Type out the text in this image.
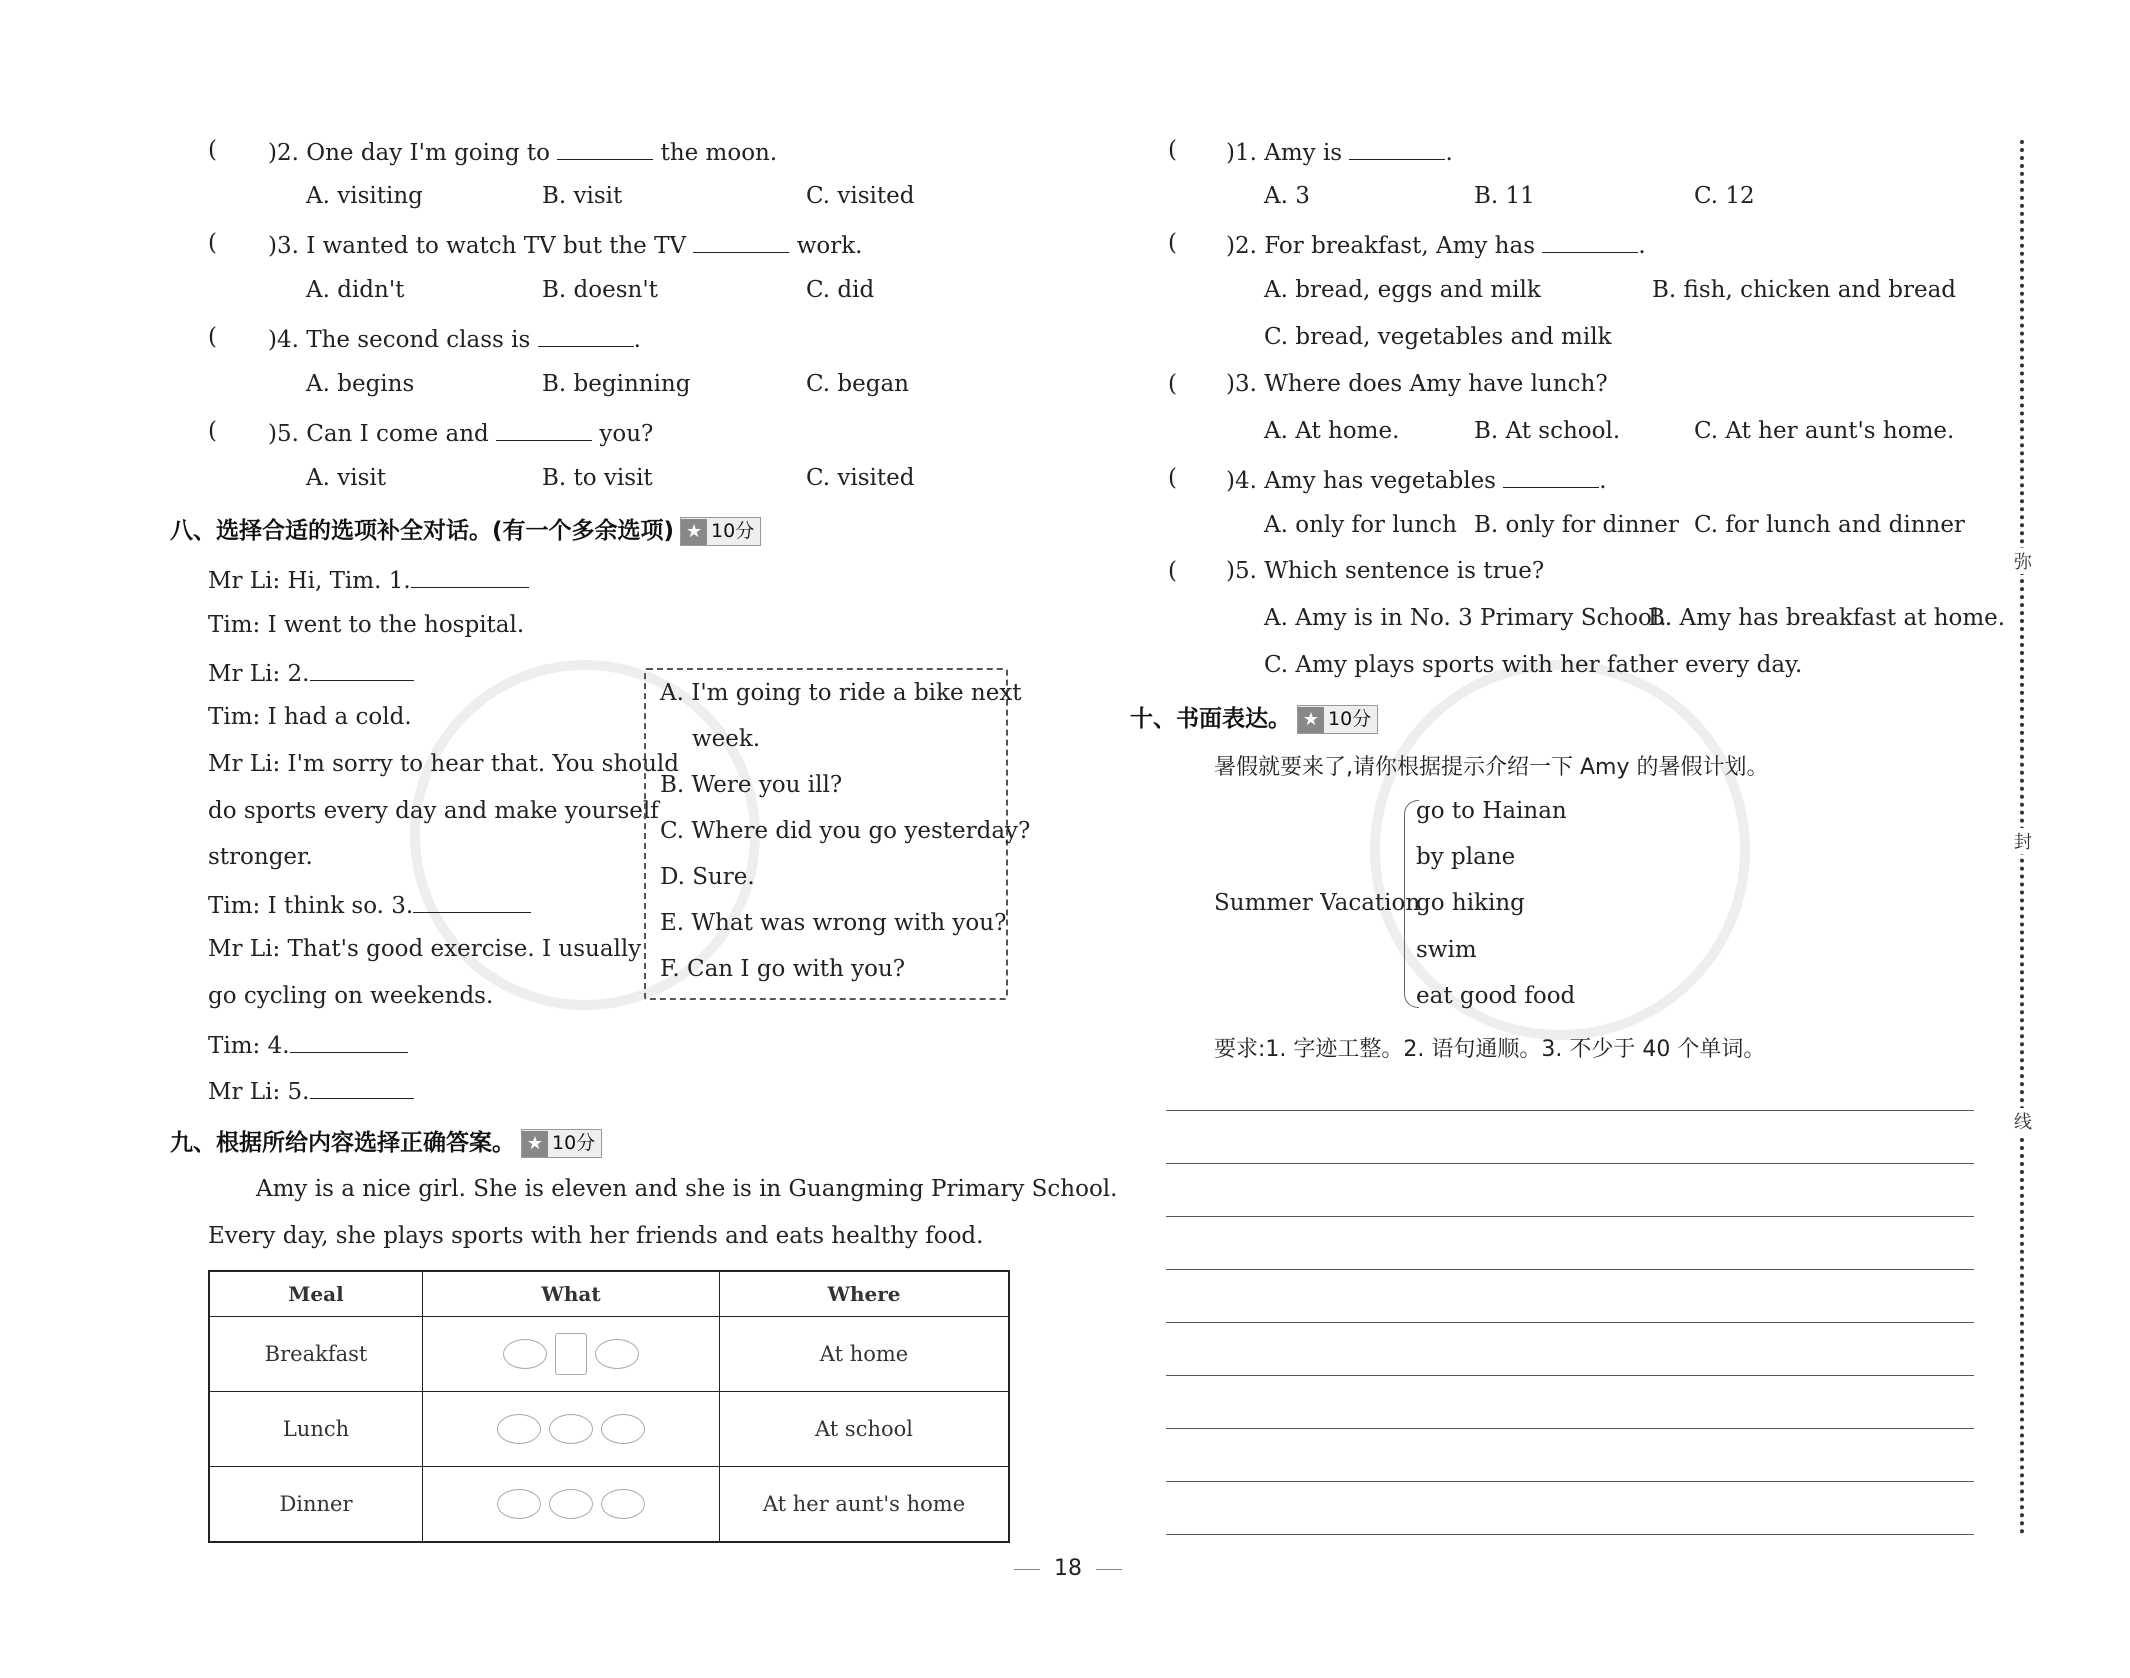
( )2. One day I'm going to	the moon.
A. visiting	B. visit	C. visited
( )3. I wanted to watch TV but the TV	work.
A. didn't	B. doesn't	C. did
( )4. The second class is	.
A. begins	B. beginning	C. began
( )5. Can I come and	you?
A. visit	B. to visit	C. visited
八、选择合适的选项补全对话。(有一个多余选项) ★ 10分
Mr Li: Hi, Tim. 1.
Tim: I went to the hospital.
Mr Li: 2.
Tim: I had a cold.
Mr Li: I'm sorry to hear that. You should
do sports every day and make yourself
stronger.
Tim: I think so. 3.
Mr Li: That's good exercise. I usually
go cycling on weekends.
Tim: 4.
Mr Li: 5.
A. I'm going to ride a bike next
week.
B. Were you ill?
C. Where did you go yesterday?
D. Sure.
E. What was wrong with you?
F. Can I go with you?
九、根据所给内容选择正确答案。 ★ 10分
Amy is a nice girl. She is eleven and she is in Guangming Primary School.
Every day, she plays sports with her friends and eats healthy food.
Meal	What	Where
Breakfast		At home
Lunch		At school
Dinner		At her aunt's home
( )1. Amy is	.
A. 3	B. 11	C. 12
( )2. For breakfast, Amy has	.
A. bread, eggs and milk	B. fish, chicken and bread
C. bread, vegetables and milk
( )3. Where does Amy have lunch?
A. At home.	B. At school.	C. At her aunt's home.
( )4. Amy has vegetables	.
A. only for lunch B. only for dinner C. for lunch and dinner
( )5. Which sentence is true?
A. Amy is in No. 3 Primary School.
B. Amy has breakfast at home.
C. Amy plays sports with her father every day.
十、书面表达。 ★ 10分
暑假就要来了,请你根据提示介绍一下 Amy 的暑假计划。
Summer Vacation
go to Hainan
by plane
go hiking
swim
eat good food
要求:1. 字迹工整。2. 语句通顺。3. 不少于 40 个单词。
弥
封
线
18
